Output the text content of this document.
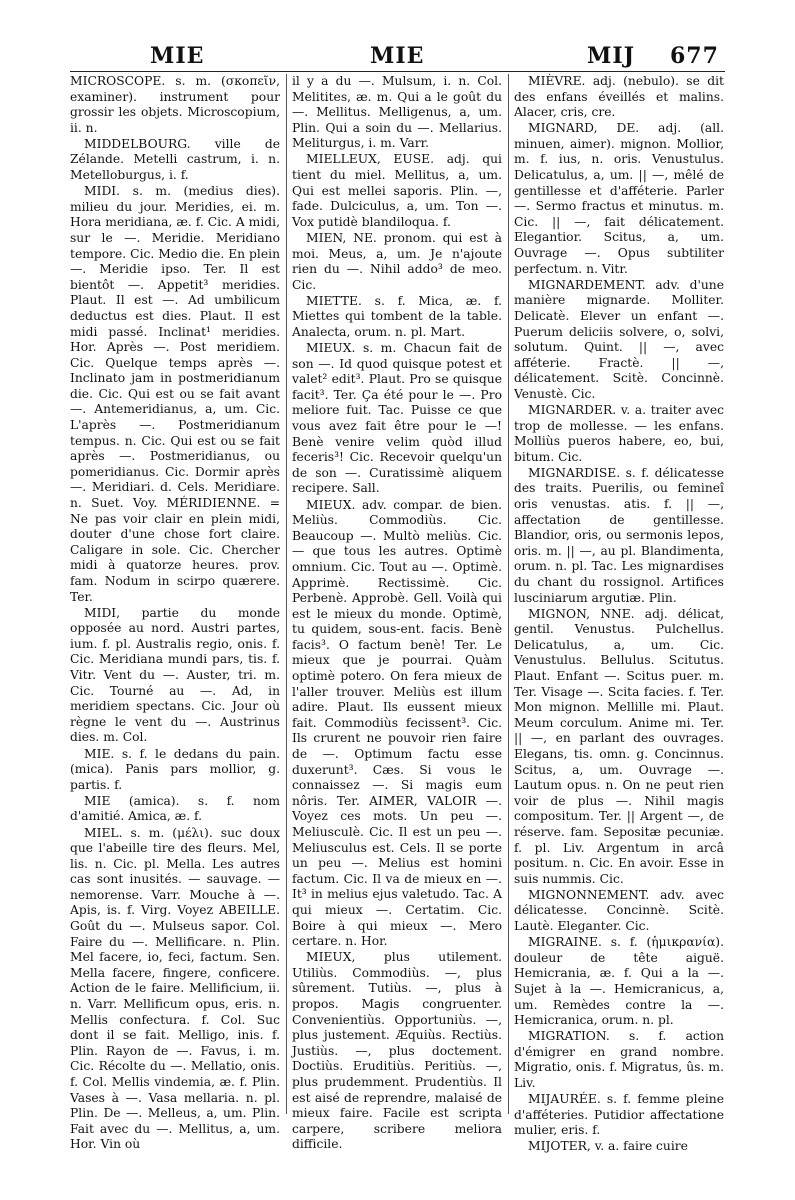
MIE	MIE	MIJ 677

MICROSCOPE. s. m. (σκοπεῖν, examiner). instrument pour grossir les objets. Microscopium, ii. n.

MIDDELBOURG. ville de Zélande. Metelli castrum, i. n. Metelloburgus, i. f.

MIDI. s. m. (medius dies). milieu du jour. Meridies, ei. m. Hora meridiana, æ. f. Cic. A midi, sur le —. Meridie. Meridiano tempore. Cic. Medio die. En plein —. Meridie ipso. Ter. Il est bientôt —. Appetit³ meridies. Plaut. Il est —. Ad umbilicum deductus est dies. Plaut. Il est midi passé. Inclinat¹ meridies. Hor. Après —. Post meridiem. Cic. Quelque temps après —. Inclinato jam in postmeridianum die. Cic. Qui est ou se fait avant —. Antemeridianus, a, um. Cic. L'après —. Postmeridianum tempus. n. Cic. Qui est ou se fait après —. Postmeridianus, ou pomeridianus. Cic. Dormir après —. Meridiari. d. Cels. Meridiare. n. Suet. Voy. MÉRIDIENNE. = Ne pas voir clair en plein midi, douter d'une chose fort claire. Caligare in sole. Cic. Chercher midi à quatorze heures. prov. fam. Nodum in scirpo quærere. Ter.

MIDI, partie du monde opposée au nord. Austri partes, ium. f. pl. Australis regio, onis. f. Cic. Meridiana mundi pars, tis. f. Vitr. Vent du —. Auster, tri. m. Cic. Tourné au —. Ad, in meridiem spectans. Cic. Jour où règne le vent du —. Austrinus dies. m. Col.

MIE. s. f. le dedans du pain. (mica). Panis pars mollior, g. partis. f.

MIE (amica). s. f. nom d'amitié. Amica, æ. f.

MIEL. s. m. (μέλι). suc doux que l'abeille tire des fleurs. Mel, lis. n. Cic. pl. Mella. Les autres cas sont inusités. — sauvage. — nemorense. Varr. Mouche à —. Apis, is. f. Virg. Voyez ABEILLE. Goût du —. Mulseus sapor. Col. Faire du —. Mellificare. n. Plin. Mel facere, io, feci, factum. Sen. Mella facere, fingere, conficere. Action de le faire. Mellificium, ii. n. Varr. Mellificum opus, eris. n. Mellis confectura. f. Col. Suc dont il se fait. Melligo, inis. f. Plin. Rayon de —. Favus, i. m. Cic. Récolte du —. Mellatio, onis. f. Col. Mellis vindemia, æ. f. Plin. Vases à —. Vasa mellaria. n. pl. Plin. De —. Melleus, a, um. Plin. Fait avec du —. Mellitus, a, um. Hor. Vin où

il y a du —. Mulsum, i. n. Col. Melitites, æ. m. Qui a le goût du —. Mellitus. Melligenus, a, um. Plin. Qui a soin du —. Mellarius. Meliturgus, i. m. Varr.

MIELLEUX, EUSE. adj. qui tient du miel. Mellitus, a, um. Qui est mellei saporis. Plin. —, fade. Dulciculus, a, um. Ton —. Vox putidè blandiloqua. f.

MIEN, NE. pronom. qui est à moi. Meus, a, um. Je n'ajoute rien du —. Nihil addo³ de meo. Cic.

MIETTE. s. f. Mica, æ. f. Miettes qui tombent de la table. Analecta, orum. n. pl. Mart.

MIEUX. s. m. Chacun fait de son —. Id quod quisque potest et valet² edit³. Plaut. Pro se quisque facit³. Ter. Ça été pour le —. Pro meliore fuit. Tac. Puisse ce que vous avez fait être pour le —! Benè venire velim quòd illud feceris³! Cic. Recevoir quelqu'un de son —. Curatissimè aliquem recipere. Sall.

MIEUX. adv. compar. de bien. Meliùs. Commodiùs. Cic. Beaucoup —. Multò meliùs. Cic. — que tous les autres. Optimè omnium. Cic. Tout au —. Optimè. Apprimè. Rectissimè. Cic. Perbenè. Approbè. Gell. Voilà qui est le mieux du monde. Optimè, tu quidem, sous-ent. facis. Benè facis³. O factum benè! Ter. Le mieux que je pourrai. Quàm optimè potero. On fera mieux de l'aller trouver. Meliùs est illum adire. Plaut. Ils eussent mieux fait. Commodiùs fecissent³. Cic. Ils crurent ne pouvoir rien faire de —. Optimum factu esse duxerunt³. Cæs. Si vous le connaissez —. Si magis eum nôris. Ter. AIMER, VALOIR —. Voyez ces mots. Un peu —. Meliusculè. Cic. Il est un peu —. Meliusculus est. Cels. Il se porte un peu —. Melius est homini factum. Cic. Il va de mieux en —. It³ in melius ejus valetudo. Tac. A qui mieux —. Certatim. Cic. Boire à qui mieux —. Mero certare. n. Hor.

MIEUX, plus utilement. Utiliùs. Commodiùs. —, plus sûrement. Tutiùs. —, plus à propos. Magis congruenter. Convenientiùs. Opportuniùs. —, plus justement. Æquiùs. Rectiùs. Justiùs. —, plus doctement. Doctiùs. Eruditiùs. Peritiùs. —, plus prudemment. Prudentiùs. Il est aisé de reprendre, malaisé de mieux faire. Facile est scripta carpere, scribere meliora difficile.

MIÈVRE. adj. (nebulo). se dit des enfans éveillés et malins. Alacer, cris, cre.

MIGNARD, DE. adj. (all. minuen, aimer). mignon. Mollior, m. f. ius, n. oris. Venustulus. Delicatulus, a, um. || —, mêlé de gentillesse et d'afféterie. Parler —. Sermo fractus et minutus. m. Cic. || —, fait délicatement. Elegantior. Scitus, a, um. Ouvrage —. Opus subtiliter perfectum. n. Vitr.

MIGNARDEMENT. adv. d'une manière mignarde. Molliter. Delicatè. Elever un enfant —. Puerum deliciis solvere, o, solvi, solutum. Quint. || —, avec afféterie. Fractè. || —, délicatement. Scitè. Concinnè. Venustè. Cic.

MIGNARDER. v. a. traiter avec trop de mollesse. — les enfans. Molliùs pueros habere, eo, bui, bitum. Cic.

MIGNARDISE. s. f. délicatesse des traits. Puerilis, ou femineî oris venustas. atis. f. || —, affectation de gentillesse. Blandior, oris, ou sermonis lepos, oris. m. || —, au pl. Blandimenta, orum. n. pl. Tac. Les mignardises du chant du rossignol. Artifices lusciniarum argutiæ. Plin.

MIGNON, NNE. adj. délicat, gentil. Venustus. Pulchellus. Delicatulus, a, um. Cic. Venustulus. Bellulus. Scitutus. Plaut. Enfant —. Scitus puer. m. Ter. Visage —. Scita facies. f. Ter. Mon mignon. Mellille mi. Plaut. Meum corculum. Anime mi. Ter. || —, en parlant des ouvrages. Elegans, tis. omn. g. Concinnus. Scitus, a, um. Ouvrage —. Lautum opus. n. On ne peut rien voir de plus —. Nihil magis compositum. Ter. || Argent —, de réserve. fam. Sepositæ pecuniæ. f. pl. Liv. Argentum in arcâ positum. n. Cic. En avoir. Esse in suis nummis. Cic.

MIGNONNEMENT. adv. avec délicatesse. Concinnè. Scitè. Lautè. Eleganter. Cic.

MIGRAINE. s. f. (ἡμικρανία). douleur de tête aiguë. Hemicrania, æ. f. Qui a la —. Sujet à la —. Hemicranicus, a, um. Remèdes contre la —. Hemicranica, orum. n. pl.

MIGRATION. s. f. action d'émigrer en grand nombre. Migratio, onis. f. Migratus, ûs. m. Liv.

MIJAURÉE. s. f. femme pleine d'afféteries. Putidior affectatione mulier, eris. f.

MIJOTER, v. a. faire cuire
